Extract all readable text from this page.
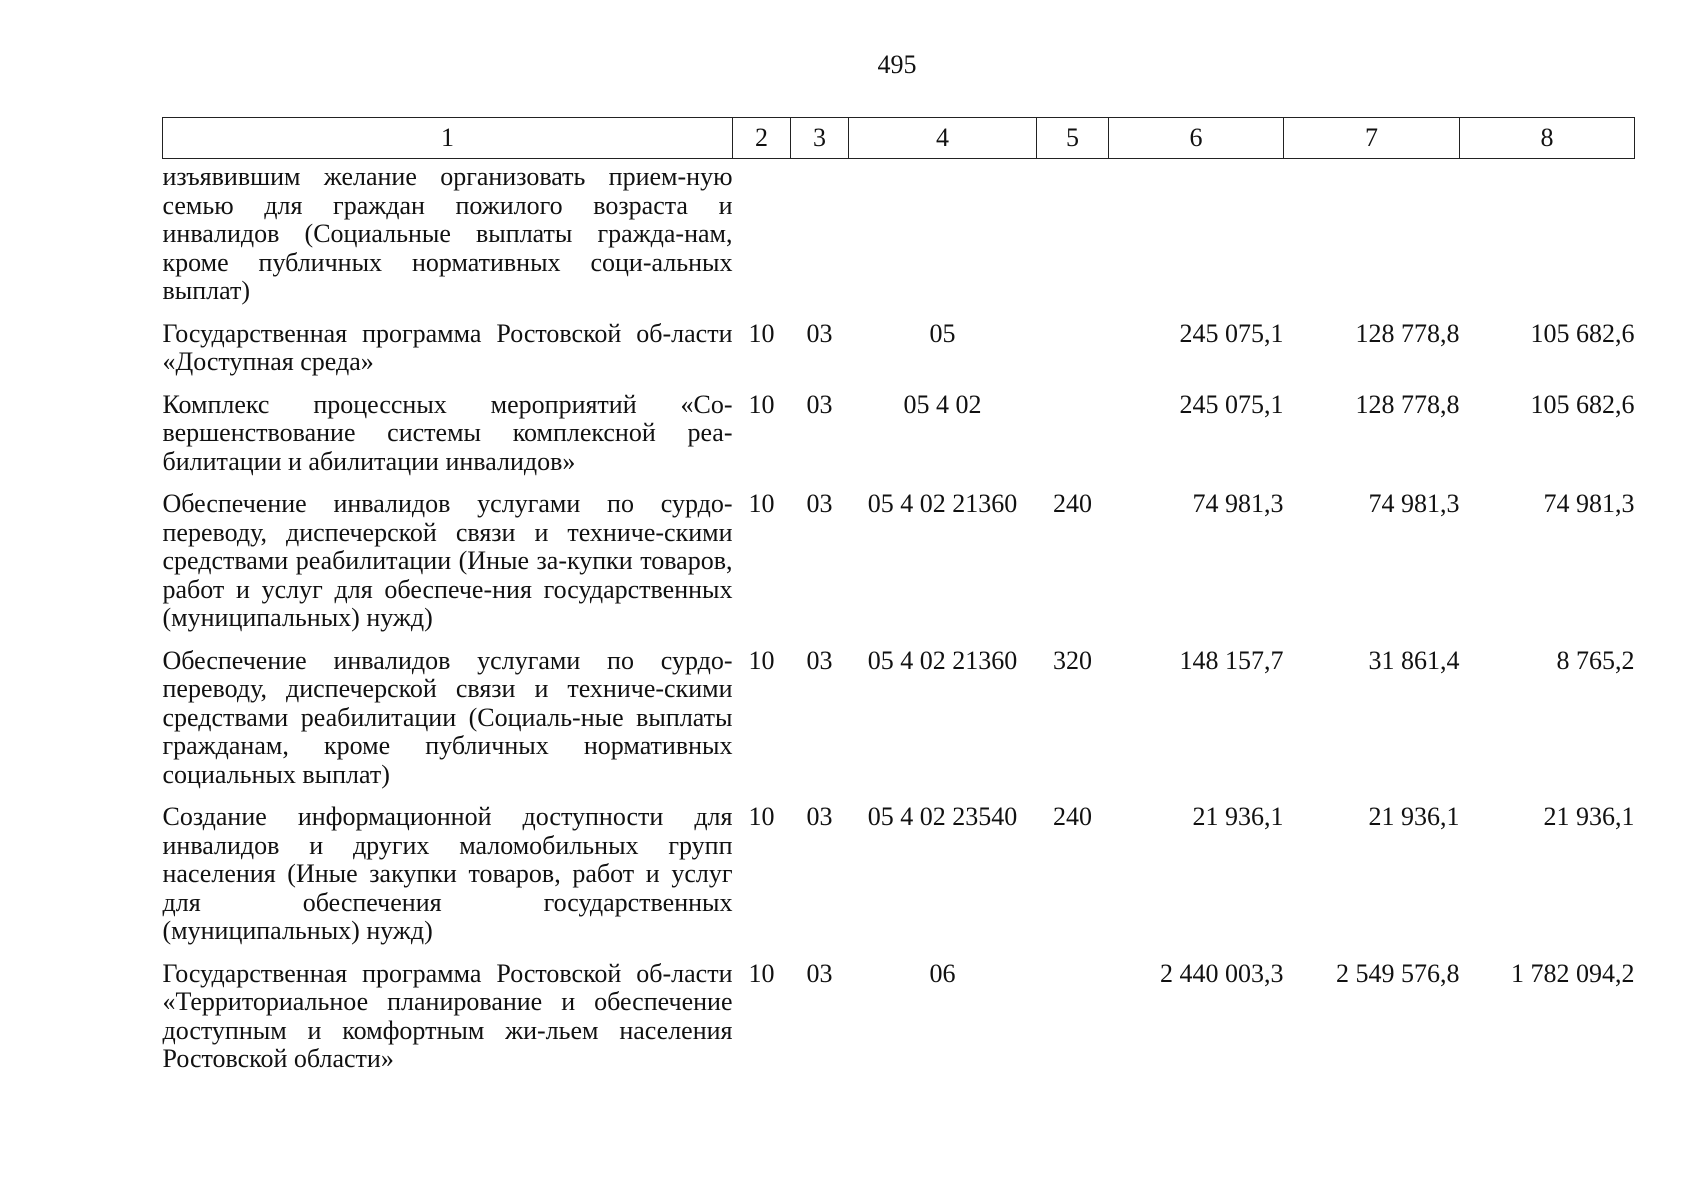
495
1	2	3	4	5	6	7	8
изъявившим желание организовать прием-ную семью для граждан пожилого возраста и инвалидов (Социальные выплаты гражда-нам, кроме публичных нормативных соци-альных выплат)							
Государственная программа Ростовской об-ласти «Доступная среда»	10	03	05		245 075,1	128 778,8	105 682,6
Комплекс процессных мероприятий «Со-вершенствование системы комплексной реа-билитации и абилитации инвалидов»	10	03	05 4 02		245 075,1	128 778,8	105 682,6
Обеспечение инвалидов услугами по сурдо-переводу, диспечерской связи и техниче-скими средствами реабилитации (Иные за-купки товаров, работ и услуг для обеспече-ния государственных (муниципальных) нужд)	10	03	05 4 02 21360	240	74 981,3	74 981,3	74 981,3
Обеспечение инвалидов услугами по сурдо-переводу, диспечерской связи и техниче-скими средствами реабилитации (Социаль-ные выплаты гражданам, кроме публичных нормативных социальных выплат)	10	03	05 4 02 21360	320	148 157,7	31 861,4	8 765,2
Создание информационной доступности для инвалидов и других маломобильных групп населения (Иные закупки товаров, работ и услуг для обеспечения государственных (муниципальных) нужд)	10	03	05 4 02 23540	240	21 936,1	21 936,1	21 936,1
Государственная программа Ростовской об-ласти «Территориальное планирование и обеспечение доступным и комфортным жи-льем населения Ростовской области»	10	03	06		2 440 003,3	2 549 576,8	1 782 094,2
